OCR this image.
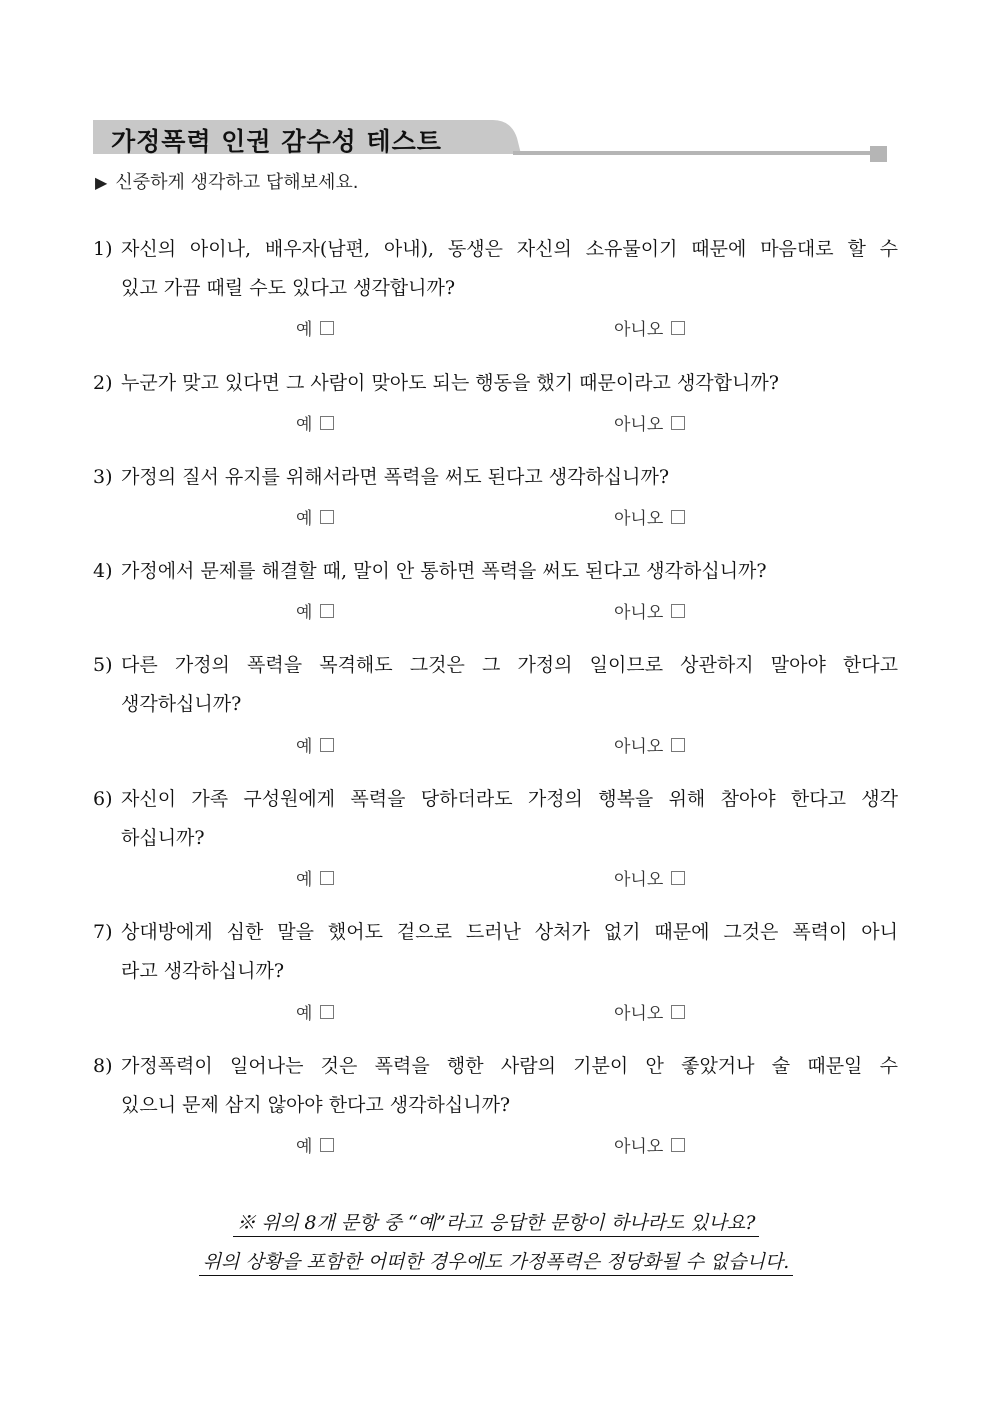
가정폭력 인권 감수성 테스트
▶ 신중하게 생각하고 답해보세요.
1) 자신의 아이나, 배우자(남편, 아내), 동생은 자신의 소유물이기 때문에 마음대로 할 수
있고 가끔 때릴 수도 있다고 생각합니까?
예	아니오
2) 누군가 맞고 있다면 그 사람이 맞아도 되는 행동을 했기 때문이라고 생각합니까?
예	아니오
3) 가정의 질서 유지를 위해서라면 폭력을 써도 된다고 생각하십니까?
예	아니오
4) 가정에서 문제를 해결할 때, 말이 안 통하면 폭력을 써도 된다고 생각하십니까?
예	아니오
5) 다른 가정의 폭력을 목격해도 그것은 그 가정의 일이므로 상관하지 말아야 한다고
생각하십니까?
예	아니오
6) 자신이 가족 구성원에게 폭력을 당하더라도 가정의 행복을 위해 참아야 한다고 생각
하십니까?
예	아니오
7) 상대방에게 심한 말을 했어도 겉으로 드러난 상처가 없기 때문에 그것은 폭력이 아니
라고 생각하십니까?
예	아니오
8) 가정폭력이 일어나는 것은 폭력을 행한 사람의 기분이 안 좋았거나 술 때문일 수
있으니 문제 삼지 않아야 한다고 생각하십니까?
예	아니오
※ 위의 8개 문항 중 “예”라고 응답한 문항이 하나라도 있나요?
위의 상황을 포함한 어떠한 경우에도 가정폭력은 정당화될 수 없습니다.
